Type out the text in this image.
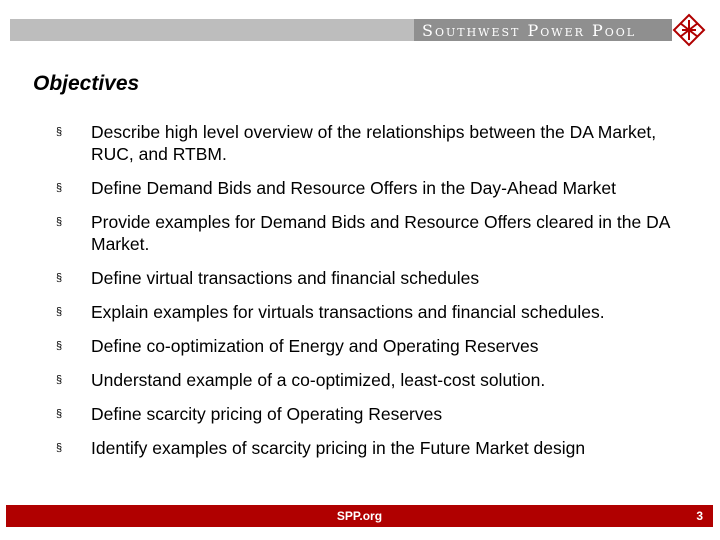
Southwest Power Pool
Objectives
§ Describe high level overview of the relationships between the DA Market, RUC, and RTBM.
§ Define Demand Bids and Resource Offers in the Day-Ahead Market
§ Provide examples for Demand Bids and Resource Offers cleared in the DA Market.
§ Define virtual transactions and financial schedules
§ Explain examples for virtuals transactions and financial schedules.
§ Define co-optimization of Energy and Operating Reserves
§ Understand example of a co-optimized, least-cost solution.
§ Define scarcity pricing of Operating Reserves
§ Identify examples of scarcity pricing in the Future Market design
SPP.org	3
